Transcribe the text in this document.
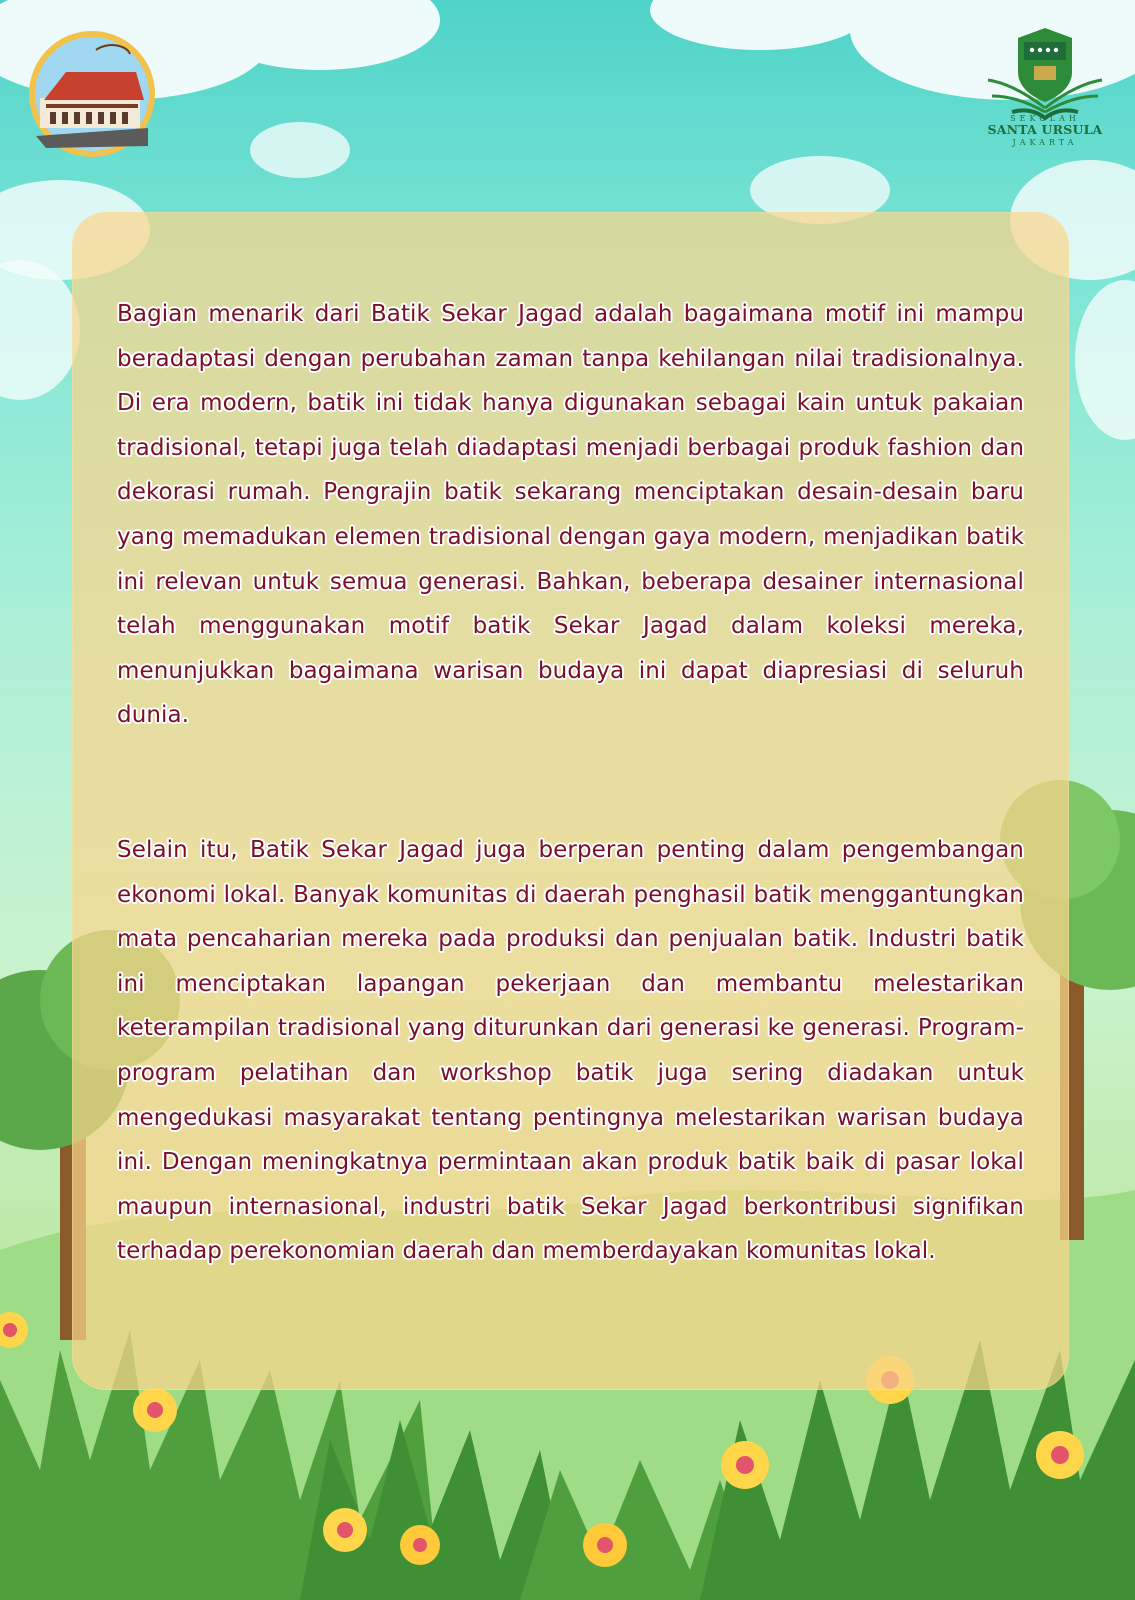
SEKOLAH
SANTA URSULA
JAKARTA

Bagian menarik dari Batik Sekar Jagad adalah bagaimana motif ini mampu beradaptasi dengan perubahan zaman tanpa kehilangan nilai tradisionalnya. Di era modern, batik ini tidak hanya digunakan sebagai kain untuk pakaian tradisional, tetapi juga telah diadaptasi menjadi berbagai produk fashion dan dekorasi rumah. Pengrajin batik sekarang menciptakan desain-desain baru yang memadukan elemen tradisional dengan gaya modern, menjadikan batik ini relevan untuk semua generasi. Bahkan, beberapa desainer internasional telah menggunakan motif batik Sekar Jagad dalam koleksi mereka, menunjukkan bagaimana warisan budaya ini dapat diapresiasi di seluruh dunia.

Selain itu, Batik Sekar Jagad juga berperan penting dalam pengembangan ekonomi lokal. Banyak komunitas di daerah penghasil batik menggantungkan mata pencaharian mereka pada produksi dan penjualan batik. Industri batik ini menciptakan lapangan pekerjaan dan membantu melestarikan keterampilan tradisional yang diturunkan dari generasi ke generasi. Program-program pelatihan dan workshop batik juga sering diadakan untuk mengedukasi masyarakat tentang pentingnya melestarikan warisan budaya ini. Dengan meningkatnya permintaan akan produk batik baik di pasar lokal maupun internasional, industri batik Sekar Jagad berkontribusi signifikan terhadap perekonomian daerah dan memberdayakan komunitas lokal.
